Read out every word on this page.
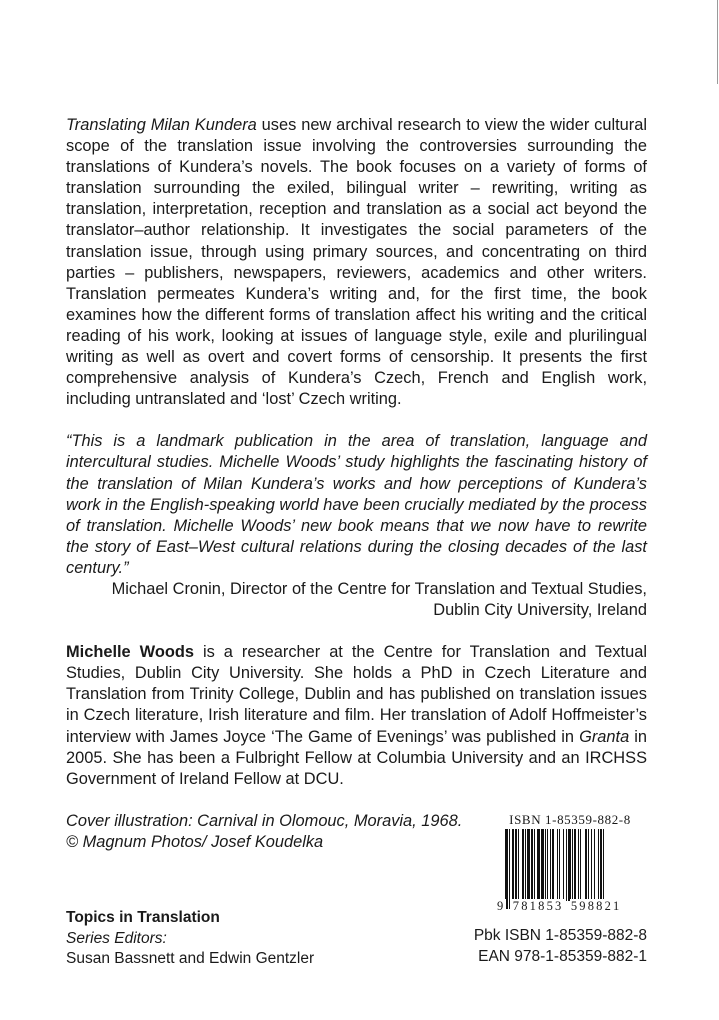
Translating Milan Kundera uses new archival research to view the wider cultural scope of the translation issue involving the controversies surrounding the translations of Kundera’s novels. The book focuses on a variety of forms of translation surrounding the exiled, bilingual writer – rewriting, writing as translation, interpretation, reception and translation as a social act beyond the translator–author relationship. It investigates the social parameters of the translation issue, through using primary sources, and concentrating on third parties – publishers, newspapers, reviewers, academics and other writers. Translation permeates Kundera’s writing and, for the first time, the book examines how the different forms of translation affect his writing and the critical reading of his work, looking at issues of language style, exile and plurilingual writing as well as overt and covert forms of censorship. It presents the first comprehensive analysis of Kundera’s Czech, French and English work, including untranslated and ‘lost’ Czech writing.

“This is a landmark publication in the area of translation, language and intercultural studies. Michelle Woods’ study highlights the fascinating history of the translation of Milan Kundera’s works and how perceptions of Kundera’s work in the English-speaking world have been crucially mediated by the process of translation. Michelle Woods’ new book means that we now have to rewrite the story of East–West cultural relations during the closing decades of the last century.”

Michael Cronin, Director of the Centre for Translation and Textual Studies,
Dublin City University, Ireland

Michelle Woods is a researcher at the Centre for Translation and Textual Studies, Dublin City University. She holds a PhD in Czech Literature and Translation from Trinity College, Dublin and has published on translation issues in Czech literature, Irish literature and film. Her translation of Adolf Hoffmeister’s interview with James Joyce ‘The Game of Evenings’ was published in Granta in 2005. She has been a Fulbright Fellow at Columbia University and an IRCHSS Government of Ireland Fellow at DCU.

Cover illustration: Carnival in Olomouc, Moravia, 1968.
© Magnum Photos/ Josef Koudelka
ISBN 1-85359-882-8
9 781853 598821
Topics in Translation
Series Editors:
Susan Bassnett and Edwin Gentzler
Pbk ISBN 1-85359-882-8
EAN 978-1-85359-882-1
